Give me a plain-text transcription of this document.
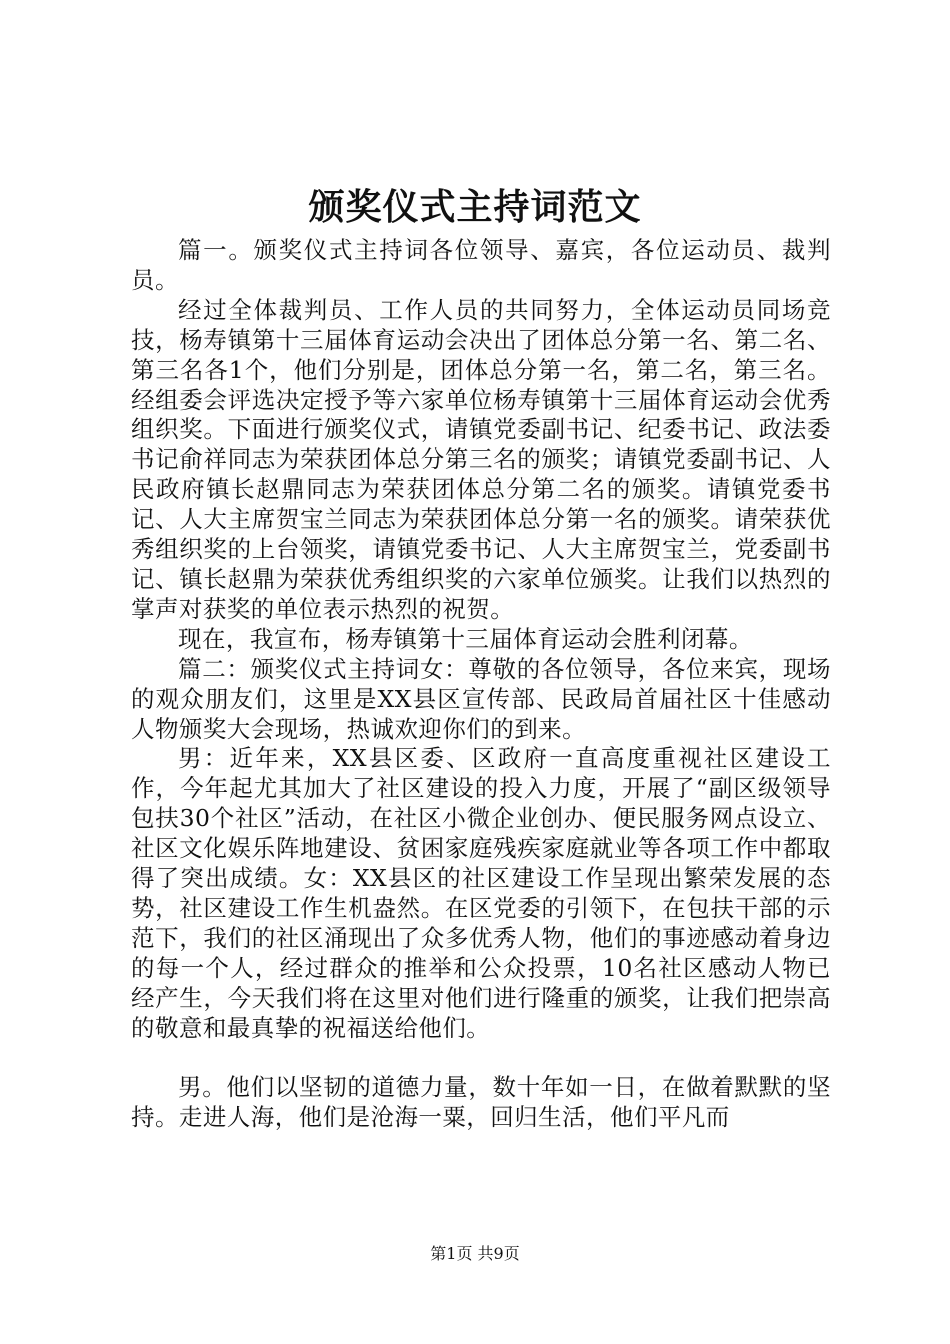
颁奖仪式主持词范文

篇一。颁奖仪式主持词各位领导、嘉宾，各位运动员、裁判员。

经过全体裁判员、工作人员的共同努力，全体运动员同场竞技，杨寿镇第十三届体育运动会决出了团体总分第一名、第二名、第三名各1个，他们分别是，团体总分第一名，第二名，第三名。经组委会评选决定授予等六家单位杨寿镇第十三届体育运动会优秀组织奖。下面进行颁奖仪式，请镇党委副书记、纪委书记、政法委书记俞祥同志为荣获团体总分第三名的颁奖；请镇党委副书记、人民政府镇长赵鼎同志为荣获团体总分第二名的颁奖。请镇党委书记、人大主席贺宝兰同志为荣获团体总分第一名的颁奖。请荣获优秀组织奖的上台领奖，请镇党委书记、人大主席贺宝兰，党委副书记、镇长赵鼎为荣获优秀组织奖的六家单位颁奖。让我们以热烈的掌声对获奖的单位表示热烈的祝贺。

现在，我宣布，杨寿镇第十三届体育运动会胜利闭幕。

篇二：颁奖仪式主持词女：尊敬的各位领导，各位来宾，现场的观众朋友们，这里是XX县区宣传部、民政局首届社区十佳感动人物颁奖大会现场，热诚欢迎你们的到来。

男：近年来，XX县区委、区政府一直高度重视社区建设工作，今年起尤其加大了社区建设的投入力度，开展了“副区级领导包扶30个社区”活动，在社区小微企业创办、便民服务网点设立、社区文化娱乐阵地建设、贫困家庭残疾家庭就业等各项工作中都取得了突出成绩。女：XX县区的社区建设工作呈现出繁荣发展的态势，社区建设工作生机盎然。在区党委的引领下，在包扶干部的示范下，我们的社区涌现出了众多优秀人物，他们的事迹感动着身边的每一个人，经过群众的推举和公众投票，10名社区感动人物已经产生，今天我们将在这里对他们进行隆重的颁奖，让我们把崇高的敬意和最真挚的祝福送给他们。

男。他们以坚韧的道德力量，数十年如一日，在做着默默的坚持。走进人海，他们是沧海一粟，回归生活，他们平凡而

第1页 共9页
